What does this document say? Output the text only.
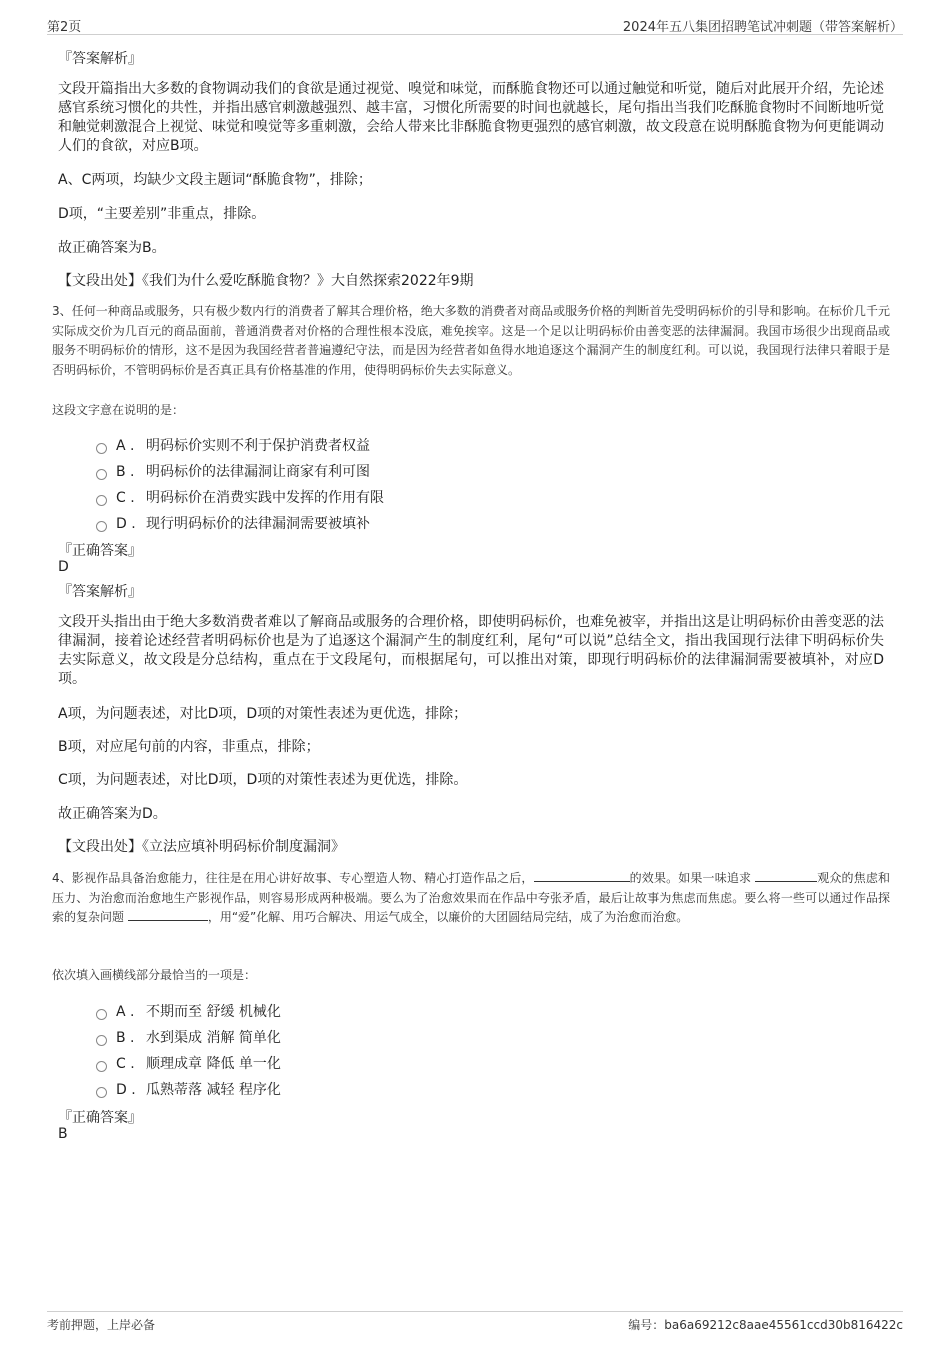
第2页	2024年五八集团招聘笔试冲刺题（带答案解析）
『答案解析』
文段开篇指出大多数的食物调动我们的食欲是通过视觉、嗅觉和味觉，而酥脆食物还可以通过触觉和听觉，随后对此展开介绍，先论述感官系统习惯化的共性，并指出感官刺激越强烈、越丰富，习惯化所需要的时间也就越长，尾句指出当我们吃酥脆食物时不间断地听觉和触觉刺激混合上视觉、味觉和嗅觉等多重刺激，会给人带来比非酥脆食物更强烈的感官刺激，故文段意在说明酥脆食物为何更能调动人们的食欲，对应B项。
A、C两项，均缺少文段主题词“酥脆食物”，排除；
D项，“主要差别”非重点，排除。
故正确答案为B。
【文段出处】《我们为什么爱吃酥脆食物？》大自然探索2022年9期
3、任何一种商品或服务，只有极少数内行的消费者了解其合理价格，绝大多数的消费者对商品或服务价格的判断首先受明码标价的引导和影响。在标价几千元实际成交价为几百元的商品面前，普通消费者对价格的合理性根本没底，难免挨宰。这是一个足以让明码标价由善变恶的法律漏洞。我国市场很少出现商品或服务不明码标价的情形，这不是因为我国经营者普遍遵纪守法，而是因为经营者如鱼得水地追逐这个漏洞产生的制度红利。可以说，我国现行法律只着眼于是否明码标价，不管明码标价是否真正具有价格基准的作用，使得明码标价失去实际意义。
这段文字意在说明的是：
A . 明码标价实则不利于保护消费者权益
B . 明码标价的法律漏洞让商家有利可图
C . 明码标价在消费实践中发挥的作用有限
D . 现行明码标价的法律漏洞需要被填补
『正确答案』
D
『答案解析』
文段开头指出由于绝大多数消费者难以了解商品或服务的合理价格，即使明码标价，也难免被宰，并指出这是让明码标价由善变恶的法律漏洞，接着论述经营者明码标价也是为了追逐这个漏洞产生的制度红利，尾句“可以说”总结全文，指出我国现行法律下明码标价失去实际意义，故文段是分总结构，重点在于文段尾句，而根据尾句，可以推出对策，即现行明码标价的法律漏洞需要被填补，对应D项。
A项，为问题表述，对比D项，D项的对策性表述为更优选，排除；
B项，对应尾句前的内容，非重点，排除；
C项，为问题表述，对比D项，D项的对策性表述为更优选，排除。
故正确答案为D。
【文段出处】《立法应填补明码标价制度漏洞》
4、影视作品具备治愈能力，往往是在用心讲好故事、专心塑造人物、精心打造作品之后，	的效果。如果一味追求	观众的焦虑和压力、为治愈而治愈地生产影视作品，则容易形成两种极端。要么为了治愈效果而在作品中夸张矛盾，最后让故事为焦虑而焦虑。要么将一些可以通过作品探索的复杂问题	，用“爱”化解、用巧合解决、用运气成全，以廉价的大团圆结局完结，成了为治愈而治愈。
依次填入画横线部分最恰当的一项是：
A . 不期而至 舒缓 机械化
B . 水到渠成 消解 简单化
C . 顺理成章 降低 单一化
D . 瓜熟蒂落 减轻 程序化
『正确答案』
B
考前押题，上岸必备	编号：ba6a69212c8aae45561ccd30b816422c
